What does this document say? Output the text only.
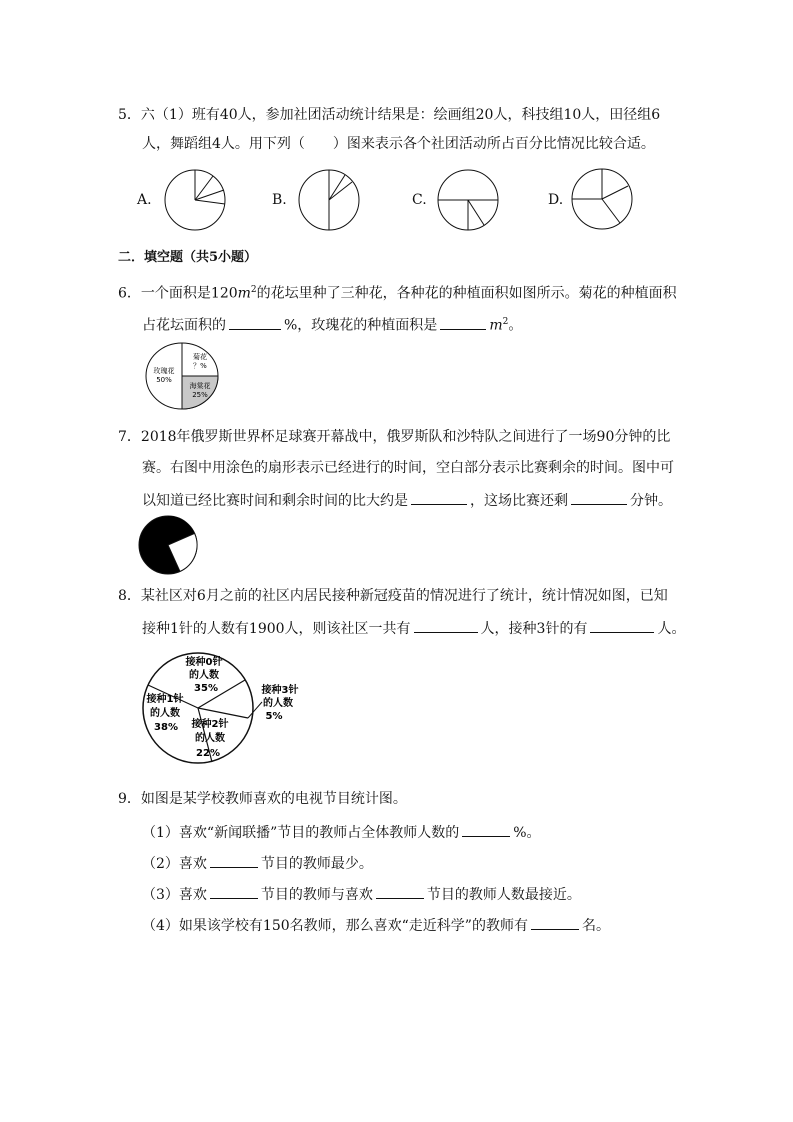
5．六（1）班有40人，参加社团活动统计结果是：绘画组20人，科技组10人，田径组6
人，舞蹈组4人。用下列（　　）图来表示各个社团活动所占百分比情况比较合适。
A.	B.	C.	D.
二．填空题（共5小题）
6．一个面积是$120m^2$的花坛里种了三种花，各种花的种植面积如图所示。菊花的种植面积
占花坛面积的	%，玫瑰花的种植面积是	$m^2$。
玫瑰花
50%
菊花
？%
海棠花
25%
7．2018年俄罗斯世界杯足球赛开幕战中，俄罗斯队和沙特队之间进行了一场90分钟的比
赛。右图中用涂色的扇形表示已经进行的时间，空白部分表示比赛剩余的时间。图中可
以知道已经比赛时间和剩余时间的比大约是	，这场比赛还剩	分钟。
8．某社区对6月之前的社区内居民接种新冠疫苗的情况进行了统计，统计情况如图，已知
接种1针的人数有1900人，则该社区一共有	人，接种3针的有	人。
接种0针
的人数
35%
接种1针
的人数
38% 接种2针
的人数
22%
接种3针
的人数
5%
9．如图是某学校教师喜欢的电视节目统计图。
（1）喜欢“新闻联播”节目的教师占全体教师人数的	%。
（2）喜欢	节目的教师最少。
（3）喜欢	节目的教师与喜欢	节目的教师人数最接近。
（4）如果该学校有150名教师，那么喜欢“走近科学”的教师有	名。
